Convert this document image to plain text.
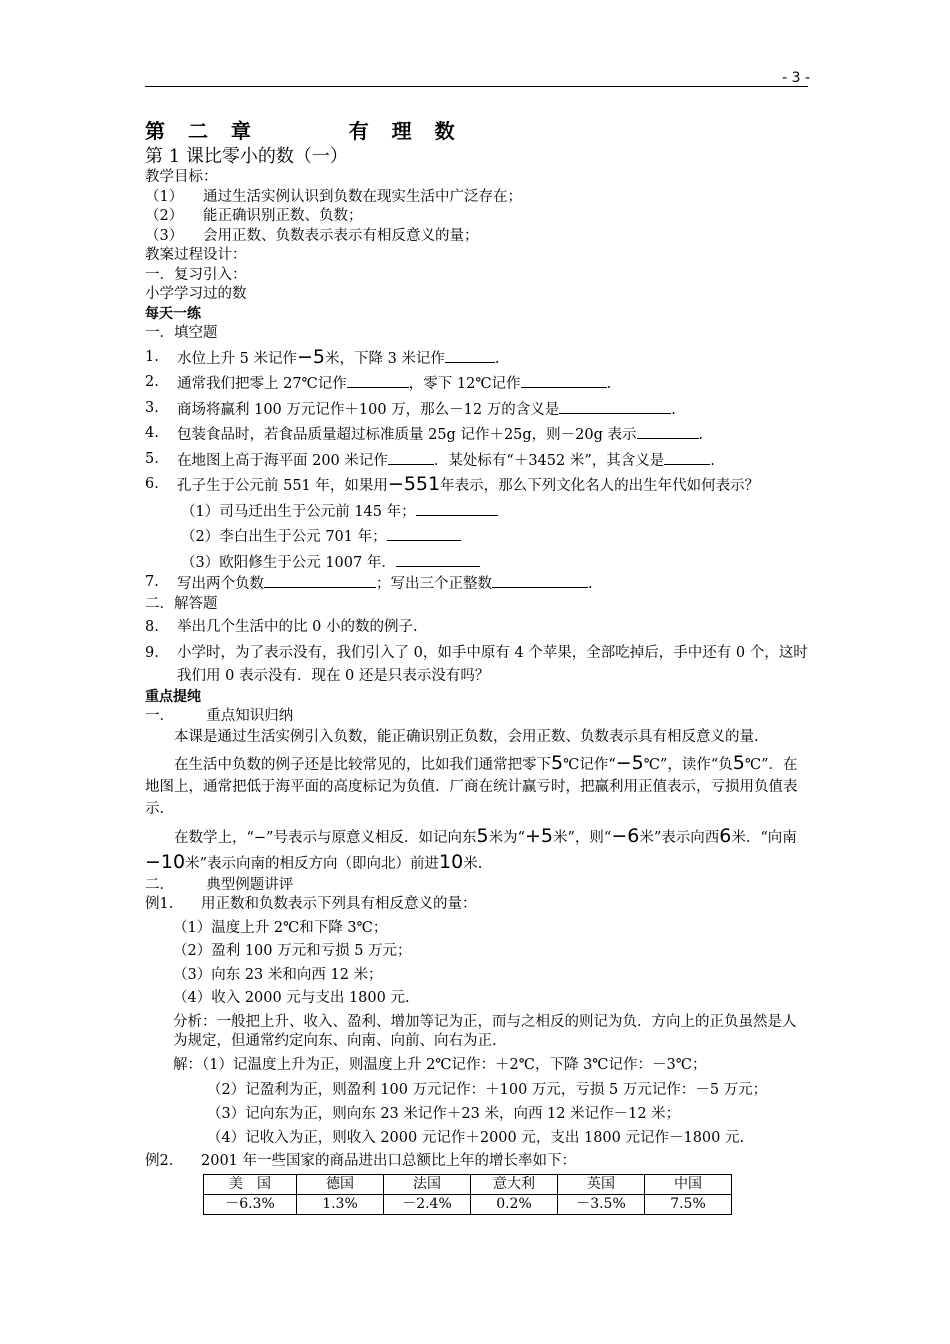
- 3 -
第 二 章      有 理 数
第 1 课比零小的数（一）
教学目标：
（1）	通过生活实例认识到负数在现实生活中广泛存在；
（2）	能正确识别正数、负数；
（3）	会用正数、负数表示表示有相反意义的量；
教案过程设计：
一．复习引入：
小学学习过的数
每天一练
一．填空题
1.	水位上升 5 米记作−5米，下降 3 米记作	.
2.	通常我们把零上 27℃记作	，零下 12℃记作	.
3.	商场将赢利 100 万元记作＋100 万，那么－12 万的含义是	.
4.	包装食品时，若食品质量超过标准质量 25g 记作＋25g，则－20g 表示	.
5.	在地图上高于海平面 200 米记作	．某处标有“＋3452 米”，其含义是	.
6.	孔子生于公元前 551 年，如果用−551年表示，那么下列文化名人的出生年代如何表示？
（1）司马迁出生于公元前 145 年；
（2）李白出生于公元 701 年；
（3）欧阳修生于公元 1007 年．
7.	写出两个负数	；写出三个正整数	.
二．解答题
8.	举出几个生活中的比 0 小的数的例子.
9.	小学时，为了表示没有，我们引入了 0，如手中原有 4 个苹果，全部吃掉后，手中还有 0 个，这时我们用 0 表示没有．现在 0 还是只表示没有吗？
重点提纯
一．       重点知识归纳
本课是通过生活实例引入负数，能正确识别正负数，会用正数、负数表示具有相反意义的量.
在生活中负数的例子还是比较常见的，比如我们通常把零下5℃记作“−5℃”，读作“负5℃”．在地图上，通常把低于海平面的高度标记为负值．厂商在统计赢亏时，把赢利用正值表示，亏损用负值表示.
在数学上，“−”号表示与原意义相反．如记向东5米为“+5米”，则“−6米”表示向西6米．“向南−10米”表示向南的相反方向（即向北）前进10米.
二．       典型例题讲评
例1.	用正数和负数表示下列具有相反意义的量：
（1）温度上升 2℃和下降 3℃；
（2）盈利 100 万元和亏损 5 万元；
（3）向东 23 米和向西 12 米；
（4）收入 2000 元与支出 1800 元.
分析：一般把上升、收入、盈利、增加等记为正，而与之相反的则记为负．方向上的正负虽然是人为规定，但通常约定向东、向南、向前、向右为正.
解：（1）记温度上升为正，则温度上升 2℃记作：＋2℃，下降 3℃记作：－3℃；
（2）记盈利为正，则盈利 100 万元记作：＋100 万元，亏损 5 万元记作：－5 万元；
（3）记向东为正，则向东 23 米记作＋23 米，向西 12 米记作－12 米；
（4）记收入为正，则收入 2000 元记作＋2000 元，支出 1800 元记作－1800 元.
例2.	2001 年一些国家的商品进出口总额比上年的增长率如下：
美　国	德国	法国	意大利	英国	中国
－6.3%	1.3%	－2.4%	0.2%	－3.5%	7.5%
